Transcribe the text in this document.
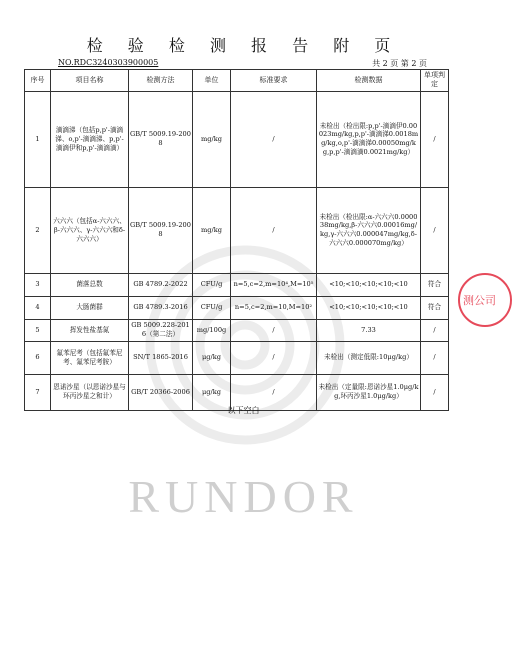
RUNDOR
测公司
检 验 检 测 报 告 附 页
NO.RDC3240303900005	共 2 页 第 2 页
序号	项目名称	检测方法	单位	标准要求	检测数据	单项判定
1	滴滴涕（包括p,p'-滴滴涕、o,p'-滴滴涕、p,p'-滴滴伊和p,p'-滴滴滴）	GB/T 5009.19-2008	mg/kg	/	未检出（检出限:p,p'-滴滴伊0.00023mg/kg,p,p'-滴滴涕0.0018mg/kg,o,p'-滴滴涕0.00050mg/kg,p,p'-滴滴滴0.0021mg/kg）	/
2	六六六（包括α-六六六、β-六六六、γ-六六六和δ-六六六）	GB/T 5009.19-2008	mg/kg	/	未检出（检出限:α-六六六0.000038mg/kg,β-六六六0.00016mg/kg,γ-六六六0.000047mg/kg,δ-六六六0.000070mg/kg）	/
3	菌落总数	GB 4789.2-2022	CFU/g	n=5,c=2,m=10⁴,M=10⁵	<10;<10;<10;<10;<10	符合
4	大肠菌群	GB 4789.3-2016	CFU/g	n=5,c=2,m=10,M=10²	<10;<10;<10;<10;<10	符合
5	挥发性盐基氮	GB 5009.228-2016（第二法）	mg/100g	/	7.33	/
6	氟苯尼考（包括氟苯尼考、氟苯尼考胺）	SN/T 1865-2016	μg/kg	/	未检出（测定低限:10μg/kg）	/
7	恩诺沙星（以恩诺沙星与环丙沙星之和计）	GB/T 20366-2006	μg/kg	/	未检出（定量限:恩诺沙星1.0μg/kg,环丙沙星1.0μg/kg）	/
以下空白
